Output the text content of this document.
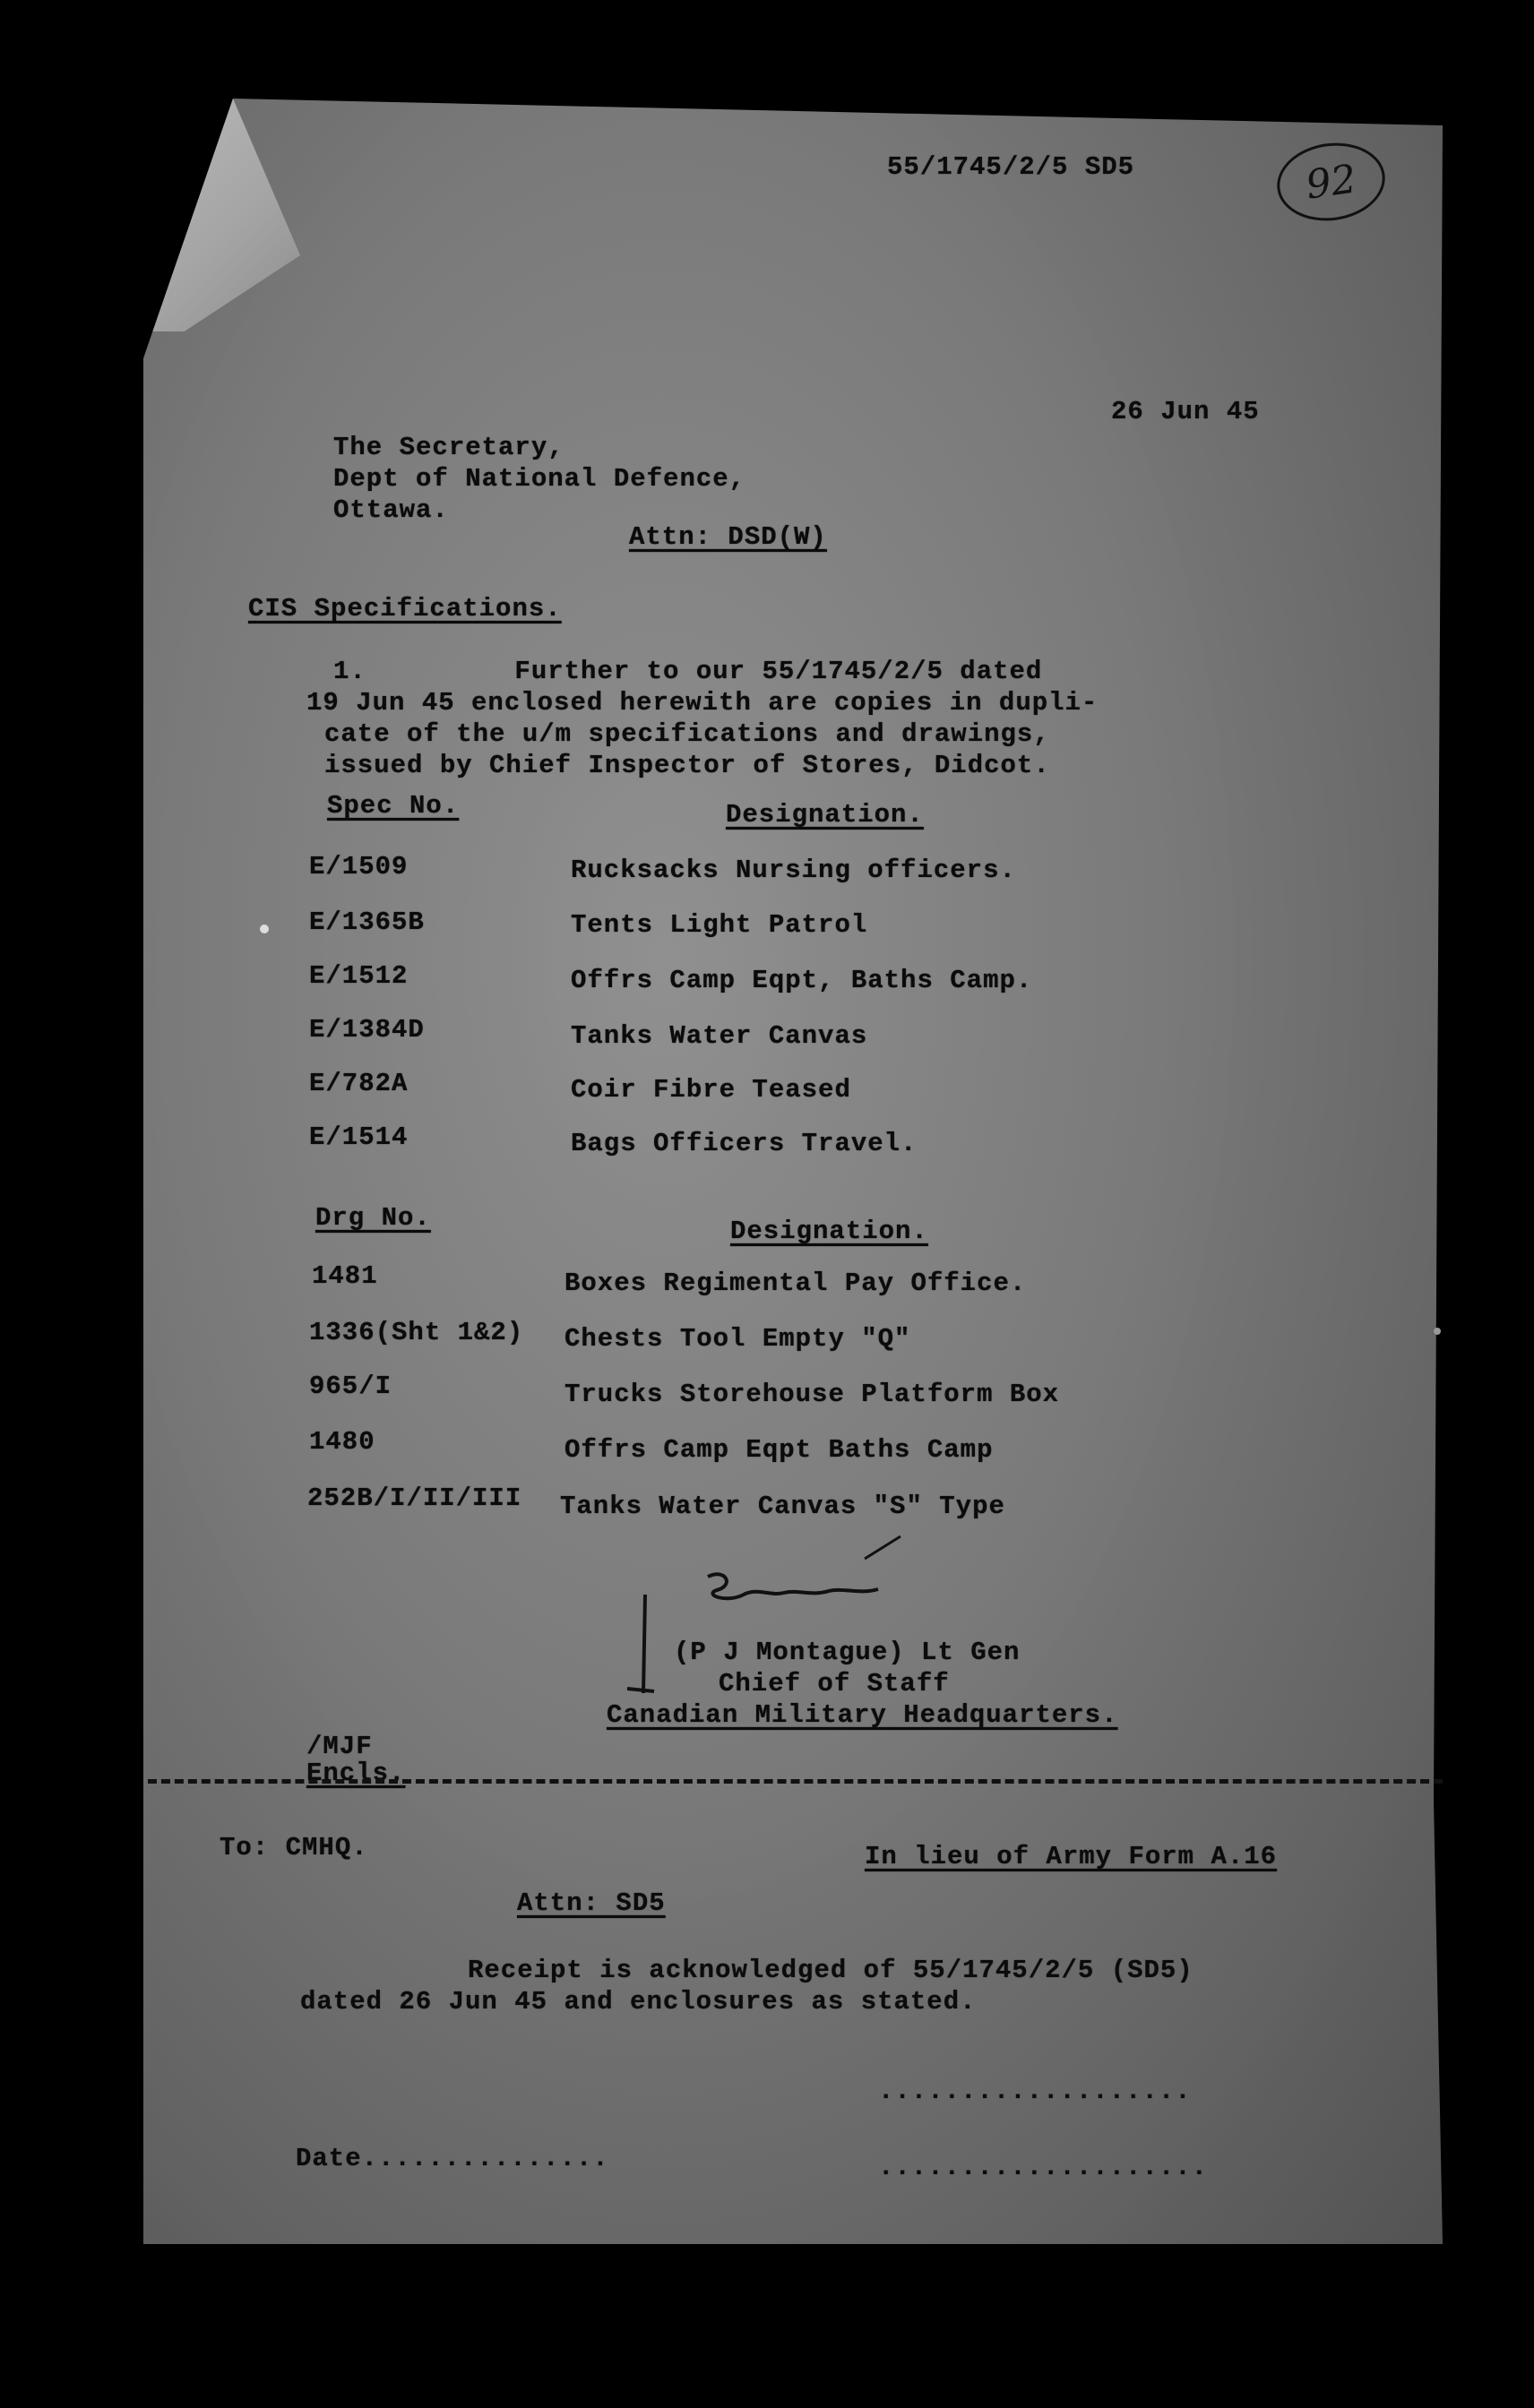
55/1745/2/5 SD5	92
26 Jun 45
The Secretary,
Dept of National Defence,
Ottawa.
Attn: DSD(W)
CIS Specifications.
1.         Further to our 55/1745/2/5 dated
19 Jun 45 enclosed herewith are copies in dupli-
cate of the u/m specifications and drawings,
issued by Chief Inspector of Stores, Didcot.
Spec No.	Designation.
E/1509	Rucksacks Nursing officers.
E/1365B	Tents Light Patrol
E/1512	Offrs Camp Eqpt, Baths Camp.
E/1384D	Tanks Water Canvas
E/782A	Coir Fibre Teased
E/1514	Bags Officers Travel.
Drg No.	Designation.
1481	Boxes Regimental Pay Office.
1336(Sht 1&2) Chests Tool Empty "Q"
965/I	Trucks Storehouse Platform Box
1480	Offrs Camp Eqpt Baths Camp
252B/I/II/III Tanks Water Canvas "S" Type
(P J Montague) Lt Gen
Chief of Staff
Canadian Military Headquarters.
/MJF
Encls.
To: CMHQ.	In lieu of Army Form A.16
Attn: SD5
Receipt is acknowledged of 55/1745/2/5 (SD5)
dated 26 Jun 45 and enclosures as stated.
...................
Date...............	....................
